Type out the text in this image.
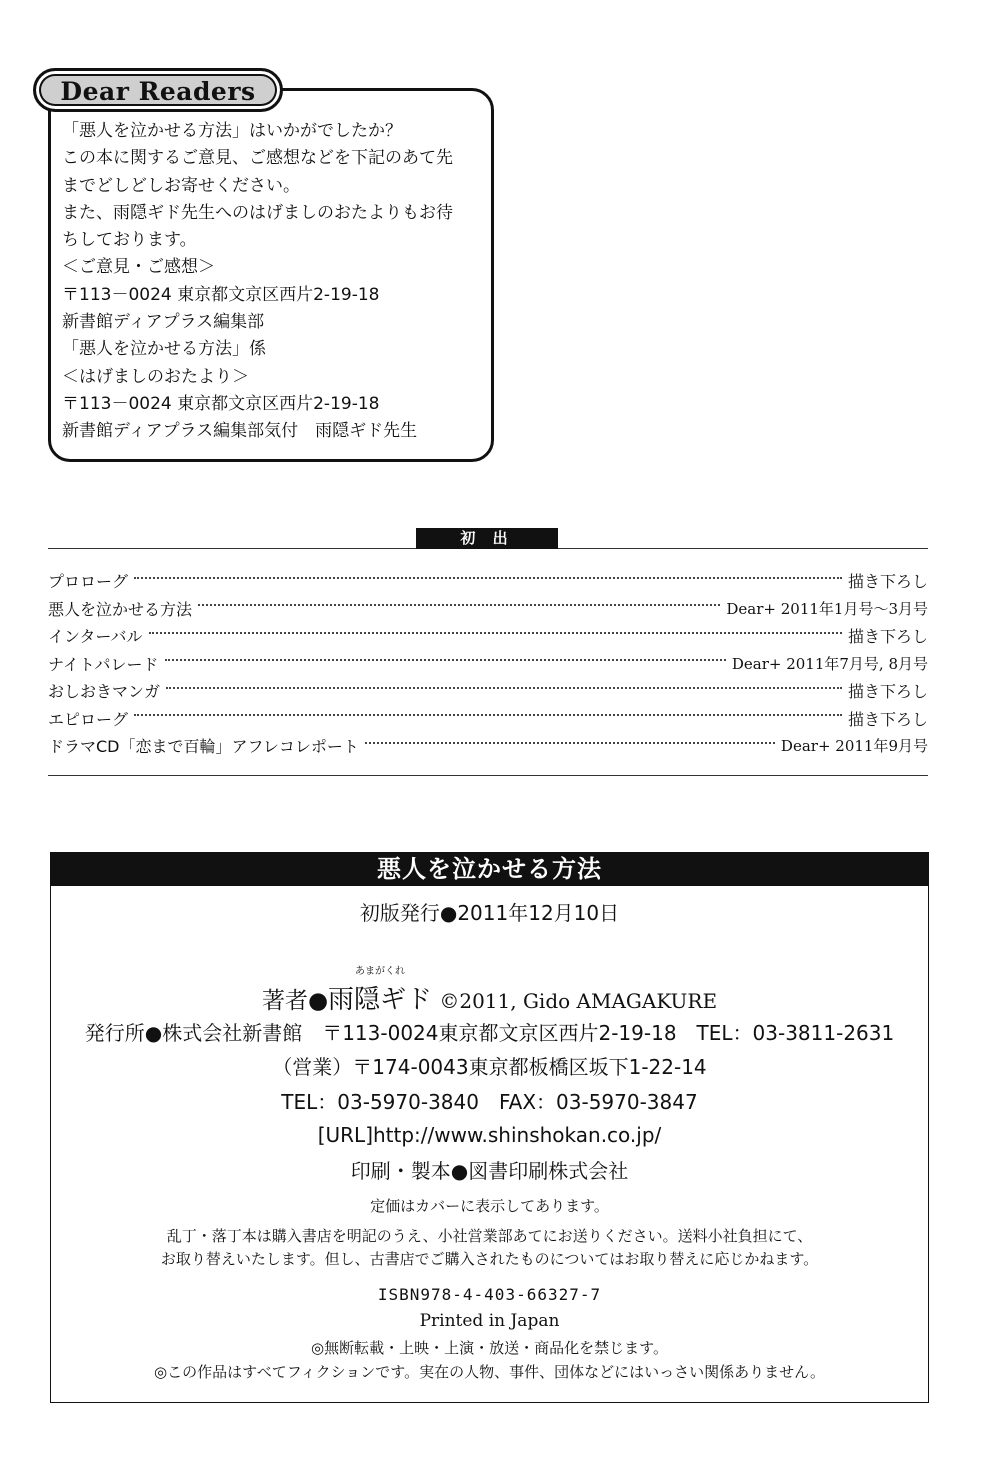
Dear Readers
「悪人を泣かせる方法」はいかがでしたか？
この本に関するご意見、ご感想などを下記のあて先
までどしどしお寄せください。
また、雨隠ギド先生へのはげましのおたよりもお待
ちしております。
＜ご意見・ご感想＞
〒113－0024 東京都文京区西片2-19-18
新書館ディアプラス編集部
「悪人を泣かせる方法」係
＜はげましのおたより＞
〒113－0024 東京都文京区西片2-19-18
新書館ディアプラス編集部気付　雨隠ギド先生
初 出
プロローグ	描き下ろし
悪人を泣かせる方法	Dear+ 2011年1月号～3月号
インターバル	描き下ろし
ナイトパレード	Dear+ 2011年7月号, 8月号
おしおきマンガ	描き下ろし
エピローグ	描き下ろし
ドラマCD「恋まで百輪」アフレコレポート	Dear+ 2011年9月号
悪人を泣かせる方法
初版発行●2011年12月10日
著者●
あまがくれ
雨隠ギド ©2011, Gido AMAGAKURE
発行所●株式会社新書館　〒113-0024東京都文京区西片2-19-18　TEL：03-3811-2631
（営業）〒174-0043東京都板橋区坂下1-22-14
TEL：03-5970-3840　FAX：03-5970-3847
[URL]http://www.shinshokan.co.jp/
印刷・製本●図書印刷株式会社
定価はカバーに表示してあります。
乱丁・落丁本は購入書店を明記のうえ、小社営業部あてにお送りください。送料小社負担にて、
お取り替えいたします。但し、古書店でご購入されたものについてはお取り替えに応じかねます。
ISBN978-4-403-66327-7
Printed in Japan
◎無断転載・上映・上演・放送・商品化を禁じます。
◎この作品はすべてフィクションです。実在の人物、事件、団体などにはいっさい関係ありません。
